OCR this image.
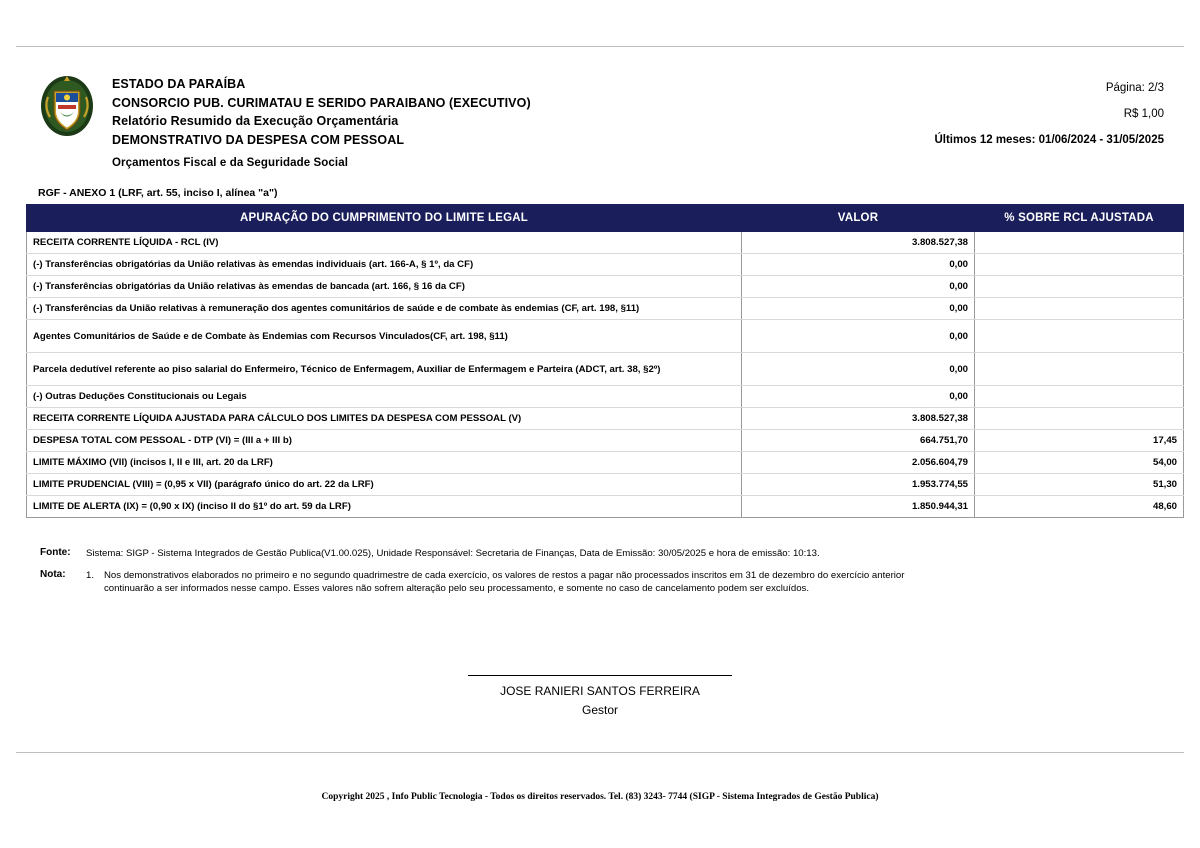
ESTADO DA PARAÍBA
CONSORCIO PUB. CURIMATAU E SERIDO PARAIBANO (EXECUTIVO)
Relatório Resumido da Execução Orçamentária
DEMONSTRATIVO DA DESPESA COM PESSOAL
Orçamentos Fiscal e da Seguridade Social
Página: 2/3
R$ 1,00
Últimos 12 meses: 01/06/2024 - 31/05/2025
RGF - ANEXO 1 (LRF, art. 55, inciso I, alínea "a")
APURAÇÃO DO CUMPRIMENTO DO LIMITE LEGAL	VALOR	% SOBRE RCL AJUSTADA
RECEITA CORRENTE LÍQUIDA - RCL (IV)	3.808.527,38	
(-) Transferências obrigatórias da União relativas às emendas individuais (art. 166-A, § 1º, da CF)	0,00	
(-) Transferências obrigatórias da União relativas às emendas de bancada (art. 166, § 16 da CF)	0,00	
(-) Transferências da União relativas à remuneração dos agentes comunitários de saúde e de combate às endemias (CF, art. 198, §11)	0,00	
Agentes Comunitários de Saúde e de Combate às Endemias com Recursos Vinculados(CF, art. 198, §11)	0,00	
Parcela dedutível referente ao piso salarial do Enfermeiro, Técnico de Enfermagem, Auxiliar de Enfermagem e Parteira (ADCT, art. 38, §2º)	0,00	
(-) Outras Deduções Constitucionais ou Legais	0,00	
RECEITA CORRENTE LÍQUIDA AJUSTADA PARA CÁLCULO DOS LIMITES DA DESPESA COM PESSOAL (V)	3.808.527,38	
DESPESA TOTAL COM PESSOAL - DTP (VI) = (III a + III b)	664.751,70	17,45
LIMITE MÁXIMO (VII) (incisos I, II e III, art. 20 da LRF)	2.056.604,79	54,00
LIMITE PRUDENCIAL (VIII) = (0,95 x VII) (parágrafo único do art. 22 da LRF)	1.953.774,55	51,30
LIMITE DE ALERTA (IX) = (0,90 x IX) (inciso II do §1º do art. 59 da LRF)	1.850.944,31	48,60
Fonte:	Sistema: SIGP - Sistema Integrados de Gestão Publica(V1.00.025), Unidade Responsável: Secretaria de Finanças, Data de Emissão: 30/05/2025 e hora de emissão: 10:13.
Nota:	1. Nos demonstrativos elaborados no primeiro e no segundo quadrimestre de cada exercício, os valores de restos a pagar não processados inscritos em 31 de dezembro do exercício anterior
continuarão a ser informados nesse campo. Esses valores não sofrem alteração pelo seu processamento, e somente no caso de cancelamento podem ser excluídos.
JOSE RANIERI SANTOS FERREIRA
Gestor
Copyright 2025 , Info Public Tecnologia - Todos os direitos reservados. Tel. (83) 3243- 7744 (SIGP - Sistema Integrados de Gestão Publica)
